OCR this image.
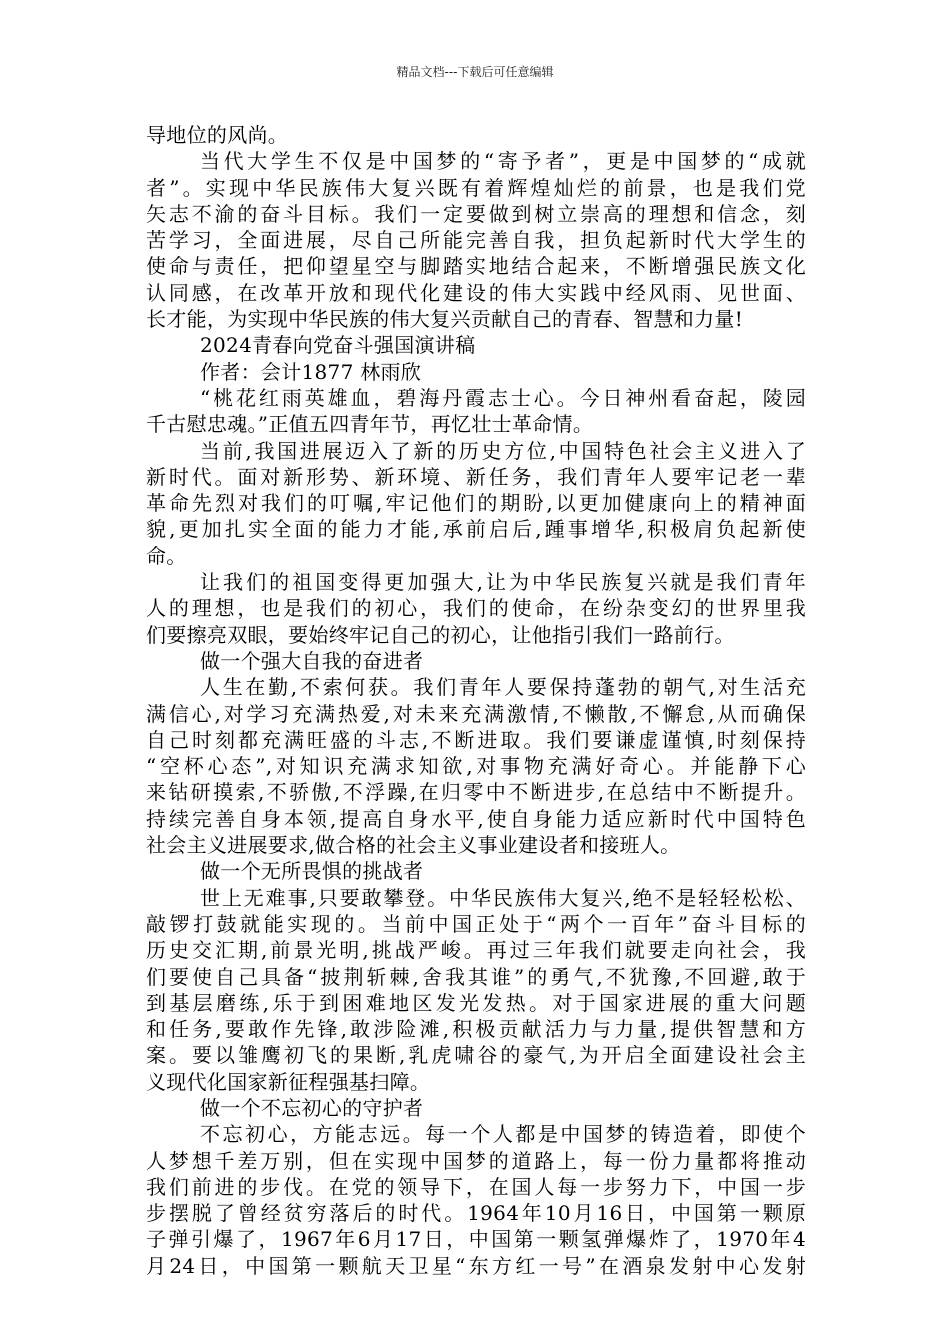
精品文档---下载后可任意编辑
导地位的风尚。
当代大学生不仅是中国梦的“寄予者”，更是中国梦的“成就
者”。实现中华民族伟大复兴既有着辉煌灿烂的前景，也是我们党
矢志不渝的奋斗目标。我们一定要做到树立崇高的理想和信念，刻
苦学习，全面进展，尽自己所能完善自我，担负起新时代大学生的
使命与责任，把仰望星空与脚踏实地结合起来，不断增强民族文化
认同感，在改革开放和现代化建设的伟大实践中经风雨、见世面、
长才能，为实现中华民族的伟大复兴贡献自己的青春、智慧和力量!
2024青春向党奋斗强国演讲稿
作者：会计1877 林雨欣
“桃花红雨英雄血，碧海丹霞志士心。今日神州看奋起，陵园
千古慰忠魂。”正值五四青年节，再忆壮士革命情。
当前,我国进展迈入了新的历史方位,中国特色社会主义进入了
新时代。面对新形势、新环境、新任务，我们青年人要牢记老一辈
革命先烈对我们的叮嘱,牢记他们的期盼,以更加健康向上的精神面
貌,更加扎实全面的能力才能,承前启后,踵事增华,积极肩负起新使
命。
让我们的祖国变得更加强大,让为中华民族复兴就是我们青年
人的理想，也是我们的初心，我们的使命，在纷杂变幻的世界里我
们要擦亮双眼，要始终牢记自己的初心，让他指引我们一路前行。
做一个强大自我的奋进者
人生在勤,不索何获。我们青年人要保持蓬勃的朝气,对生活充
满信心,对学习充满热爱,对未来充满激情,不懒散,不懈怠,从而确保
自己时刻都充满旺盛的斗志,不断进取。我们要谦虚谨慎,时刻保持
“空杯心态”,对知识充满求知欲,对事物充满好奇心。并能静下心
来钻研摸索,不骄傲,不浮躁,在归零中不断进步,在总结中不断提升。
持续完善自身本领,提高自身水平,使自身能力适应新时代中国特色
社会主义进展要求,做合格的社会主义事业建设者和接班人。
做一个无所畏惧的挑战者
世上无难事,只要敢攀登。中华民族伟大复兴,绝不是轻轻松松、
敲锣打鼓就能实现的。当前中国正处于“两个一百年”奋斗目标的
历史交汇期,前景光明,挑战严峻。再过三年我们就要走向社会，我
们要使自己具备“披荆斩棘,舍我其谁”的勇气,不犹豫,不回避,敢于
到基层磨练,乐于到困难地区发光发热。对于国家进展的重大问题
和任务,要敢作先锋,敢涉险滩,积极贡献活力与力量,提供智慧和方
案。要以雏鹰初飞的果断,乳虎啸谷的豪气,为开启全面建设社会主
义现代化国家新征程强基扫障。
做一个不忘初心的守护者
不忘初心，方能志远。每一个人都是中国梦的铸造着，即使个
人梦想千差万别，但在实现中国梦的道路上，每一份力量都将推动
我们前进的步伐。在党的领导下，在国人每一步努力下，中国一步
步摆脱了曾经贫穷落后的时代。1964年10月16日，中国第一颗原
子弹引爆了，1967年6月17日，中国第一颗氢弹爆炸了，1970年4
月24日，中国第一颗航天卫星“东方红一号”在酒泉发射中心发射
